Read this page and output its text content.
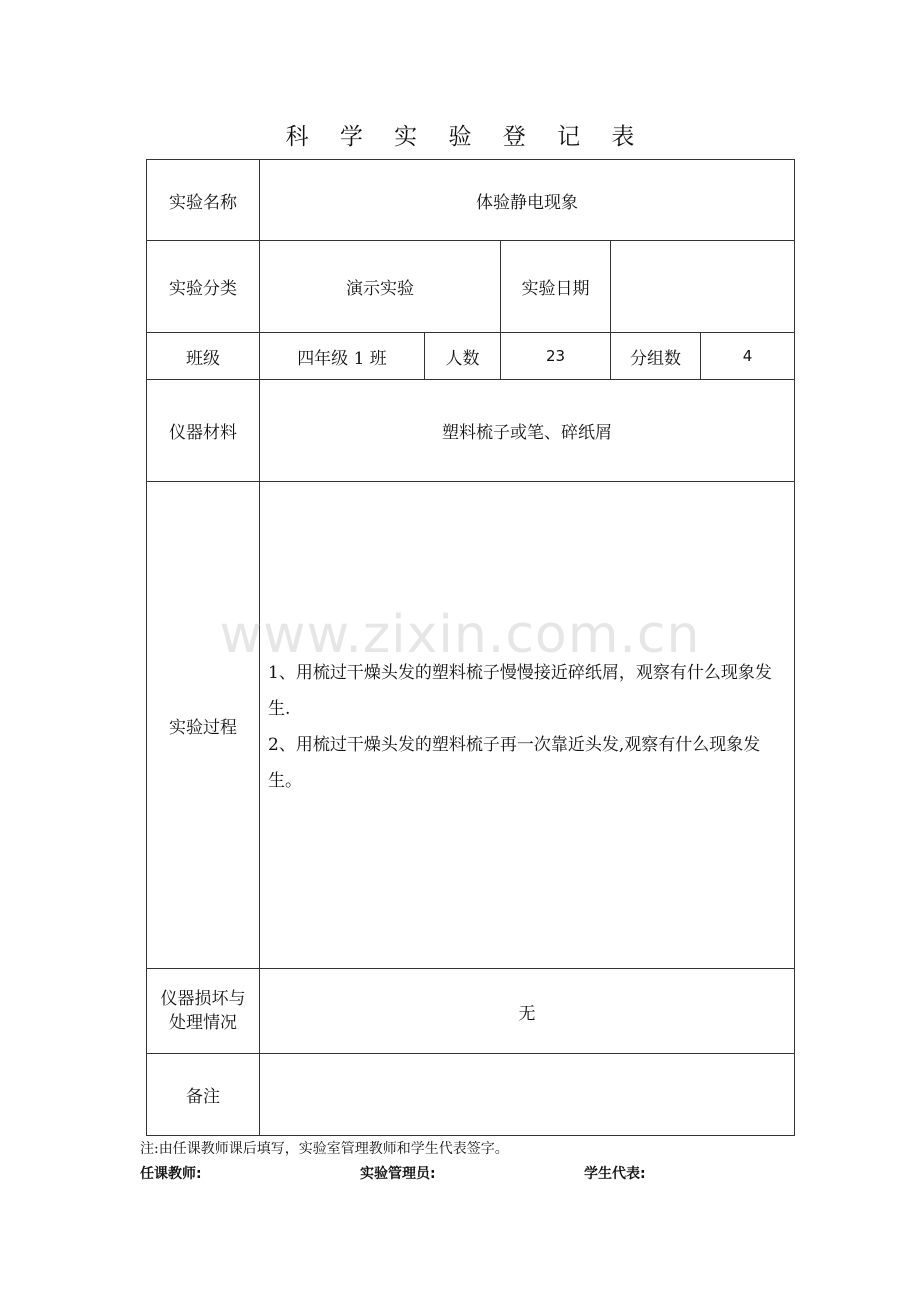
科 学 实 验 登 记 表
实验名称	体验静电现象
实验分类	演示实验	实验日期
班级	四年级 1 班	人数	23	分组数	4
仪器材料	塑料梳子或笔、碎纸屑
www.zixin.com.cn
实验过程

1、用梳过干燥头发的塑料梳子慢慢接近碎纸屑，观察有什么现象发生.

2、用梳过干燥头发的塑料梳子再一次靠近头发,观察有什么现象发生。

仪器损坏与
处理情况	无
备注
注:由任课教师课后填写，实验室管理教师和学生代表签字。
任课教师:	实验管理员:	学生代表:
